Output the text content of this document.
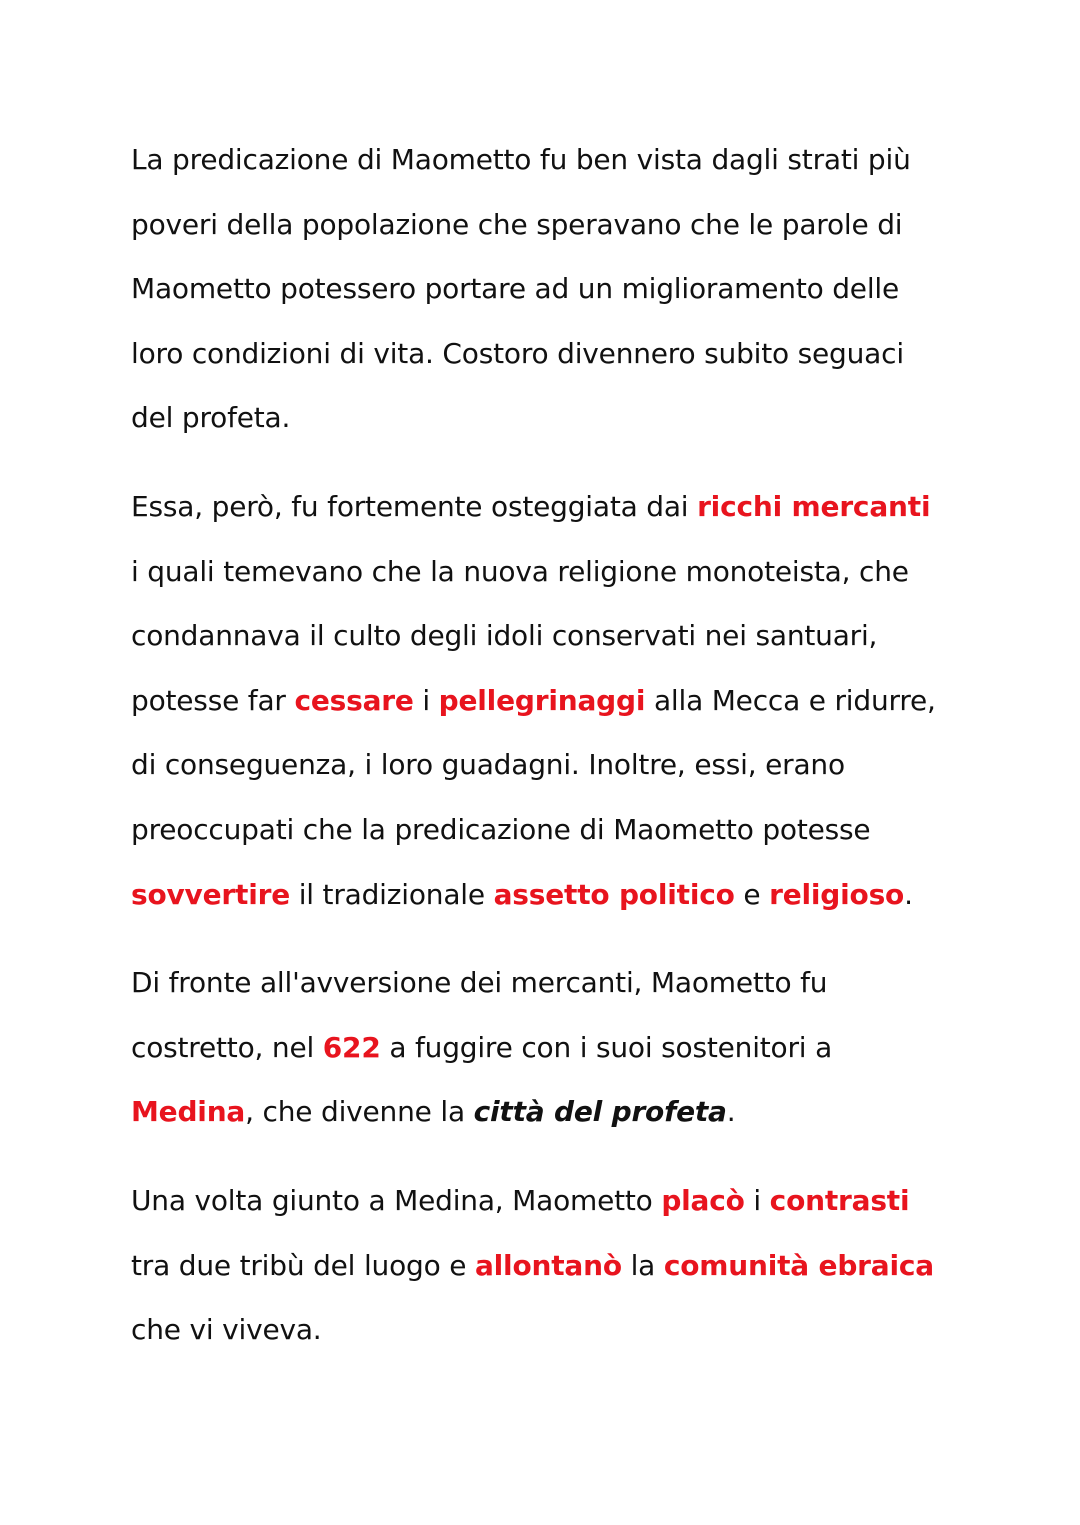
La predicazione di Maometto fu ben vista dagli strati più
poveri della popolazione che speravano che le parole di
Maometto potessero portare ad un miglioramento delle
loro condizioni di vita. Costoro divennero subito seguaci
del profeta.

Essa, però, fu fortemente osteggiata dai ricchi mercanti
i quali temevano che la nuova religione monoteista, che
condannava il culto degli idoli conservati nei santuari,
potesse far cessare i pellegrinaggi alla Mecca e ridurre,
di conseguenza, i loro guadagni. Inoltre, essi, erano
preoccupati che la predicazione di Maometto potesse
sovvertire il tradizionale assetto politico e religioso.

Di fronte all'avversione dei mercanti, Maometto fu
costretto, nel 622 a fuggire con i suoi sostenitori a
Medina, che divenne la città del profeta.

Una volta giunto a Medina, Maometto placò i contrasti
tra due tribù del luogo e allontanò la comunità ebraica
che vi viveva.
